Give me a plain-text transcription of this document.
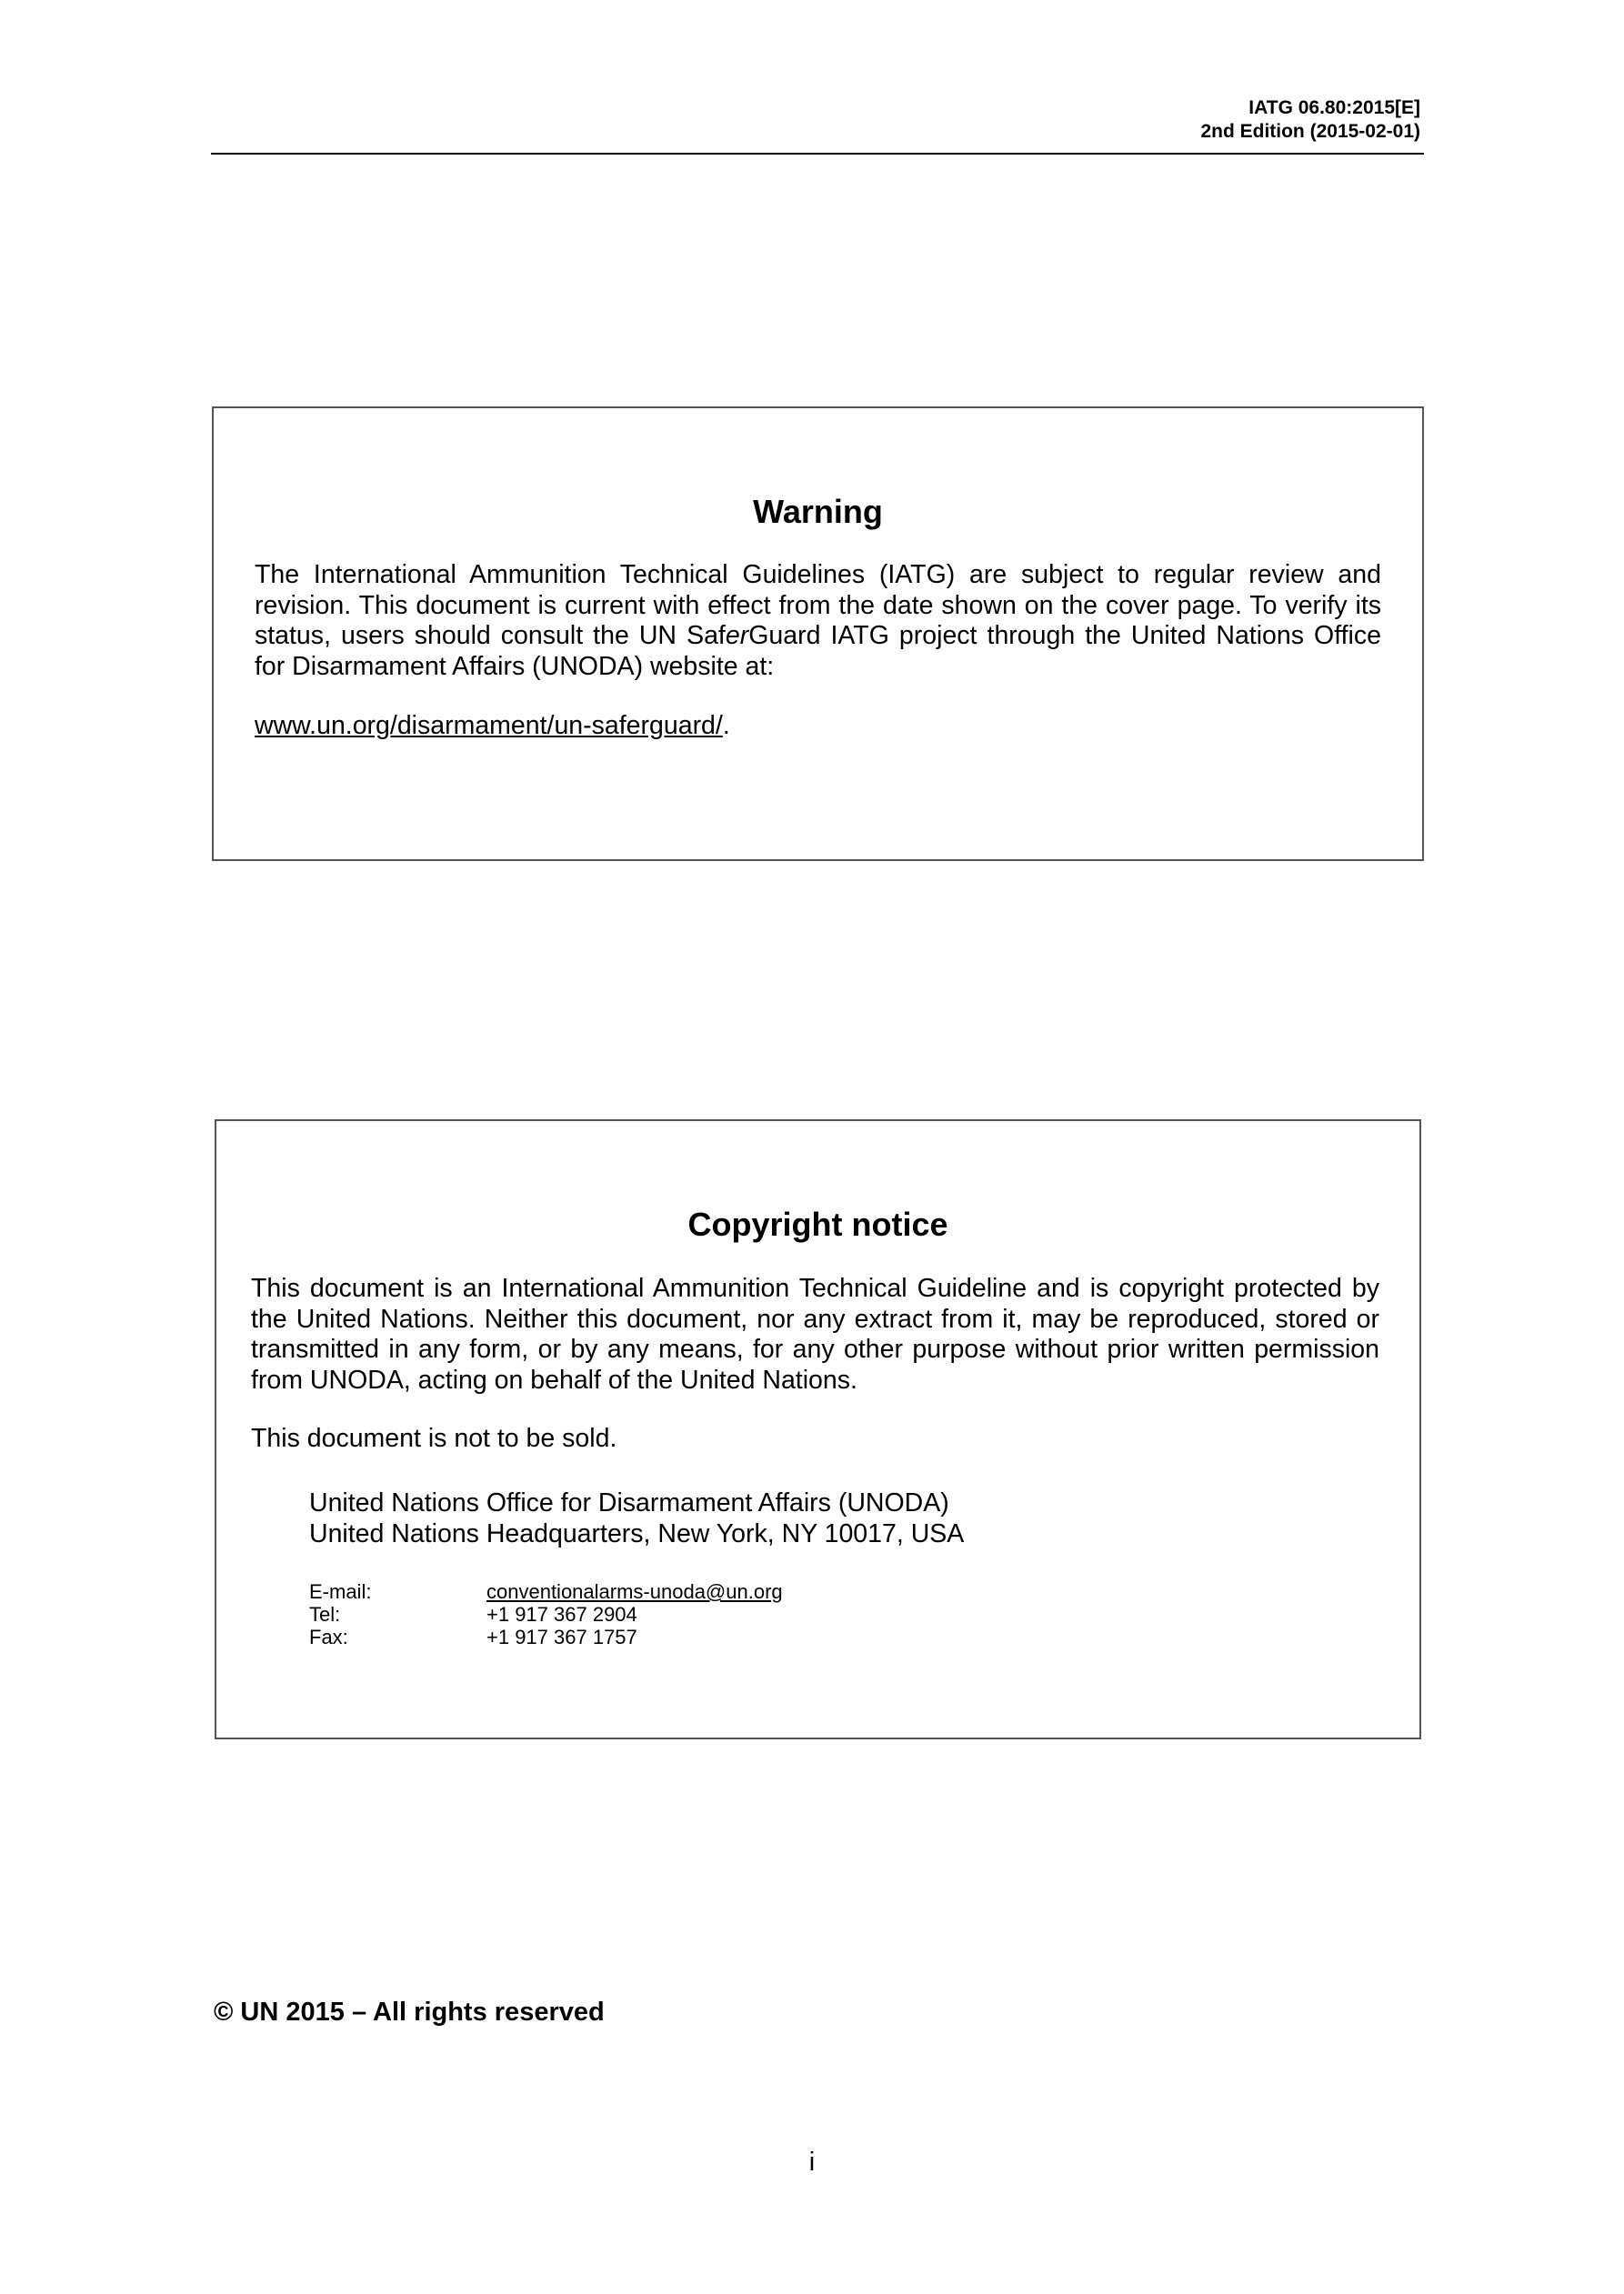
IATG 06.80:2015[E]
2nd Edition (2015-02-01)
Warning
The International Ammunition Technical Guidelines (IATG) are subject to regular review and revision. This document is current with effect from the date shown on the cover page. To verify its status, users should consult the UN SaferGuard IATG project through the United Nations Office for Disarmament Affairs (UNODA) website at:
www.un.org/disarmament/un-saferguard/.
Copyright notice
This document is an International Ammunition Technical Guideline and is copyright protected by the United Nations. Neither this document, nor any extract from it, may be reproduced, stored or transmitted in any form, or by any means, for any other purpose without prior written permission from UNODA, acting on behalf of the United Nations.
This document is not to be sold.
United Nations Office for Disarmament Affairs (UNODA)
United Nations Headquarters, New York, NY 10017, USA
E-mail:	conventionalarms-unoda@un.org
Tel:	+1 917 367 2904
Fax:	+1 917 367 1757
© UN 2015 – All rights reserved
i
